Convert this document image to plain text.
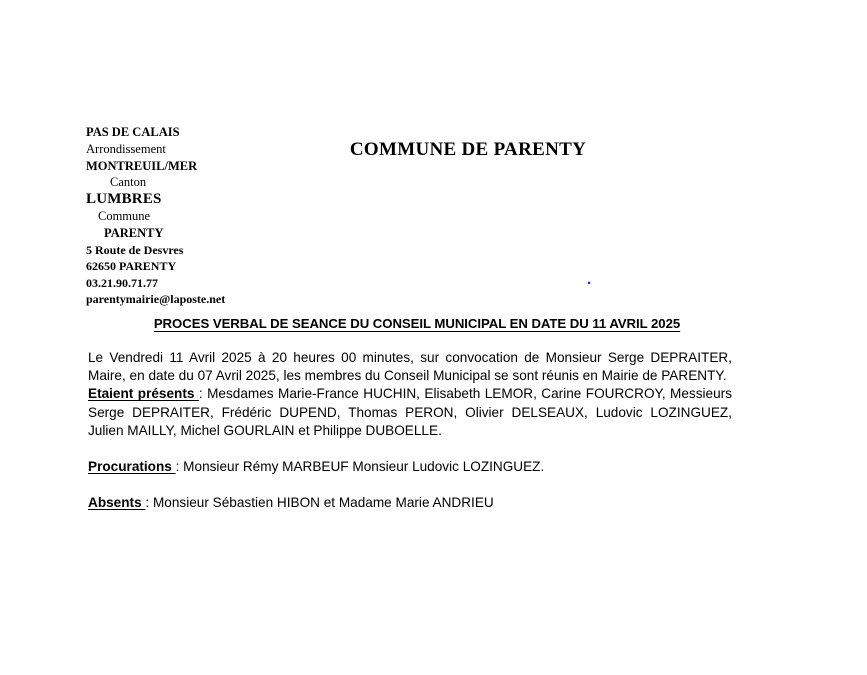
PAS DE CALAIS
Arrondissement
MONTREUIL/MER
Canton
LUMBRES
Commune
PARENTY
5 Route de Desvres
62650 PARENTY
03.21.90.71.77
parentymairie@laposte.net
COMMUNE DE PARENTY
.
PROCES VERBAL DE SEANCE DU CONSEIL MUNICIPAL EN DATE DU 11 AVRIL 2025

Le Vendredi 11 Avril 2025 à 20 heures 00 minutes, sur convocation de Monsieur Serge DEPRAITER, Maire, en date du 07 Avril 2025, les membres du Conseil Municipal se sont réunis en Mairie de PARENTY.

Etaient présents : Mesdames Marie-France HUCHIN, Elisabeth LEMOR, Carine FOURCROY, Messieurs Serge DEPRAITER, Frédéric DUPEND, Thomas PERON, Olivier DELSEAUX, Ludovic LOZINGUEZ, Julien MAILLY, Michel GOURLAIN et Philippe DUBOELLE.

Procurations : Monsieur Rémy MARBEUF Monsieur Ludovic LOZINGUEZ.

Absents : Monsieur Sébastien HIBON et Madame Marie ANDRIEU
